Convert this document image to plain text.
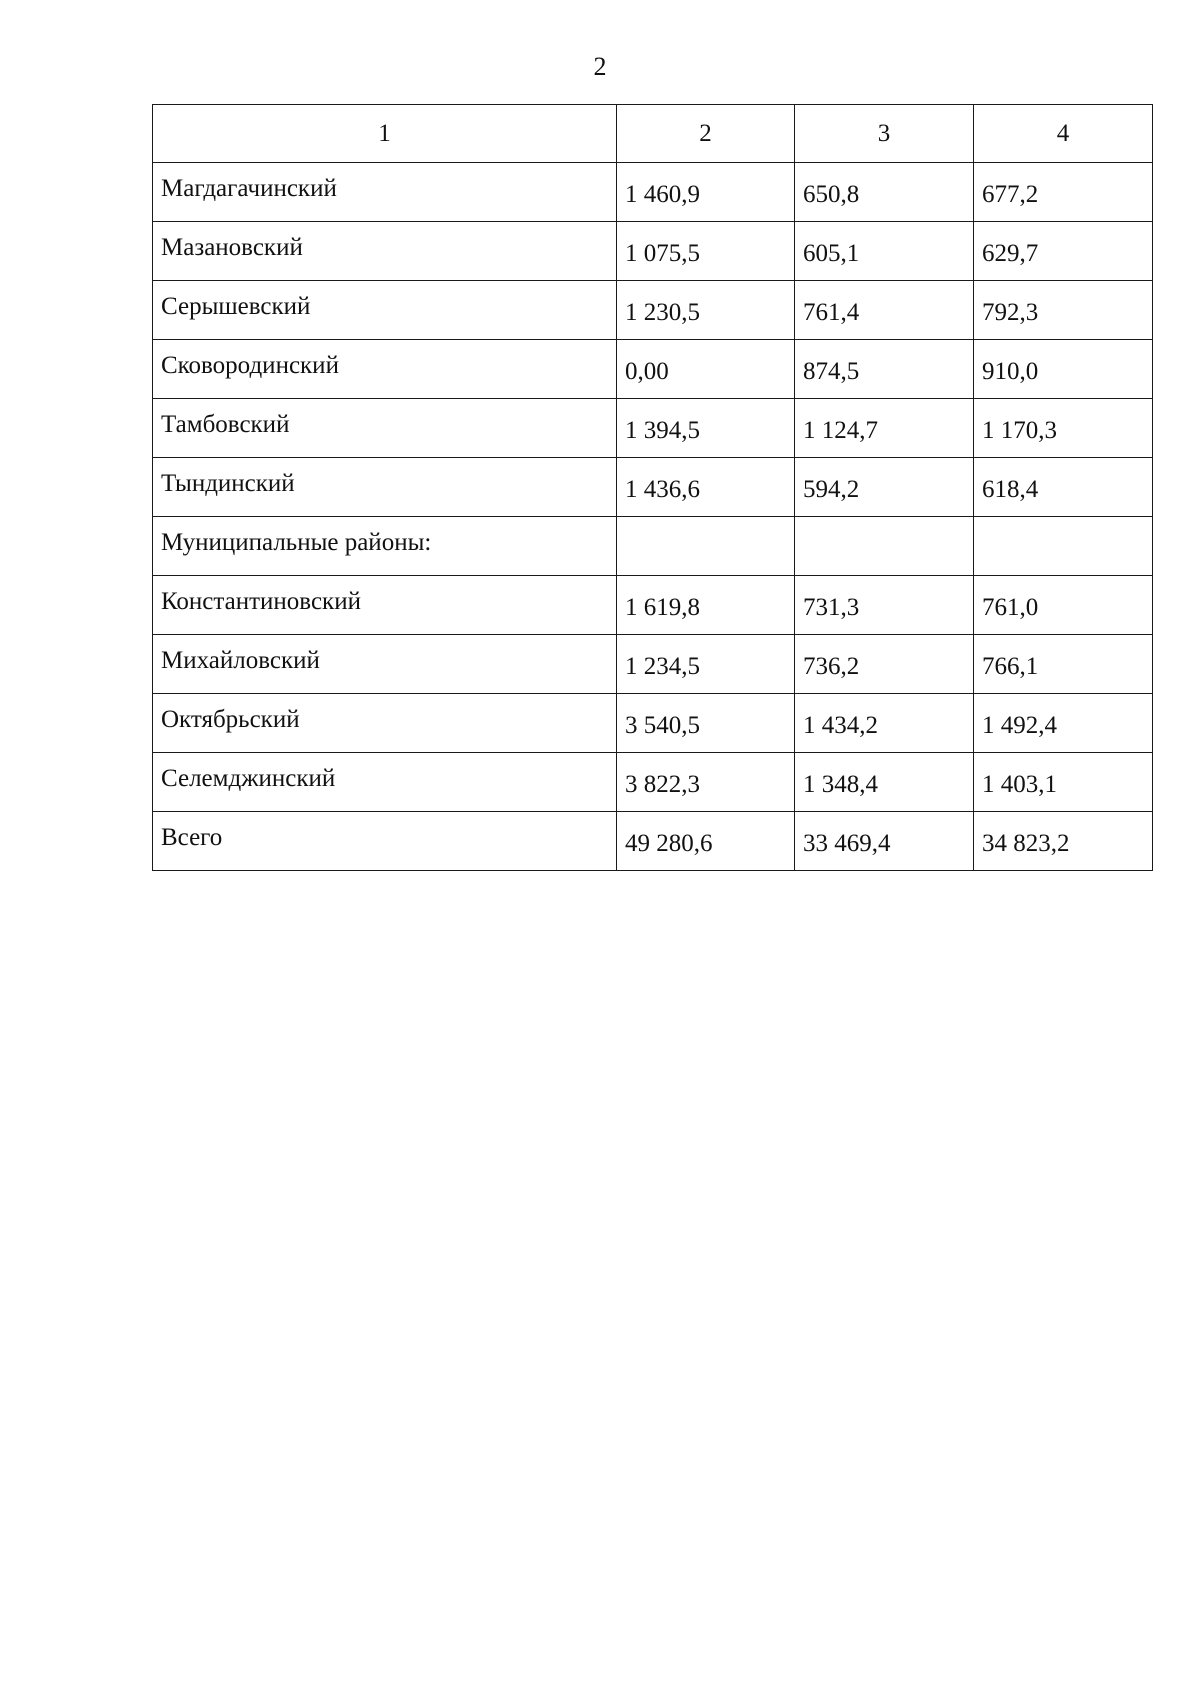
2
1	2	3	4
Магдагачинский	1 460,9	650,8	677,2
Мазановский	1 075,5	605,1	629,7
Серышевский	1 230,5	761,4	792,3
Сковородинский	0,00	874,5	910,0
Тамбовский	1 394,5	1 124,7	1 170,3
Тындинский	1 436,6	594,2	618,4
Муниципальные районы:			
Константиновский	1 619,8	731,3	761,0
Михайловский	1 234,5	736,2	766,1
Октябрьский	3 540,5	1 434,2	1 492,4
Селемджинский	3 822,3	1 348,4	1 403,1
Всего	49 280,6	33 469,4	34 823,2
